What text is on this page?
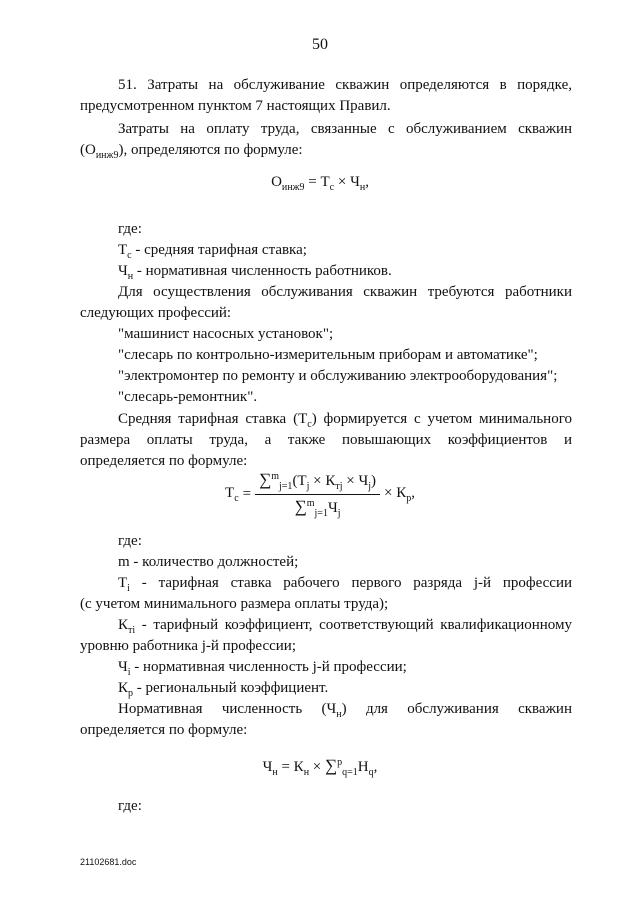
50

51. Затраты на обслуживание скважин определяются в порядке,

предусмотренном пунктом 7 настоящих Правил.

Затраты на оплату труда, связанные с обслуживанием скважин

$(О_{инж9})$, определяются по формуле:

$О_{инж9} = Т_с \times Ч_н$,

где:

$Т_с$ - средняя тарифная ставка;

$Ч_н$ - нормативная численность работников.

Для осуществления обслуживания скважин требуются работники

следующих профессий:

"машинист насосных установок";

"слесарь по контрольно-измерительным приборам и автоматике";

"электромонтер по ремонту и обслуживанию электрооборудования";

"слесарь-ремонтник".

Средняя тарифная ставка $(Т_с)$ формируется с учетом минимального

размера оплаты труда, а также повышающих коэффициентов и

определяется по формуле:

$Т_с = \frac{\sum^m_{j=1}(Т_j \times К_{тj} \times Ч_j)}{\sum^m_{j=1}Ч_j} \times К_р$,

где:

m - количество должностей;

$Т_i$ - тарифная ставка рабочего первого разряда j-й профессии

(с учетом минимального размера оплаты труда);

$К_{тi}$ - тарифный коэффициент, соответствующий квалификационному

уровню работника j-й профессии;

$Ч_i$ - нормативная численность j-й профессии;

$К_р$ - региональный коэффициент.

Нормативная численность $(Ч_н)$ для обслуживания скважин

определяется по формуле:

$Ч_н = К_н \times \sum^p_{q=1}Н_q$,

где:

21102681.doc
